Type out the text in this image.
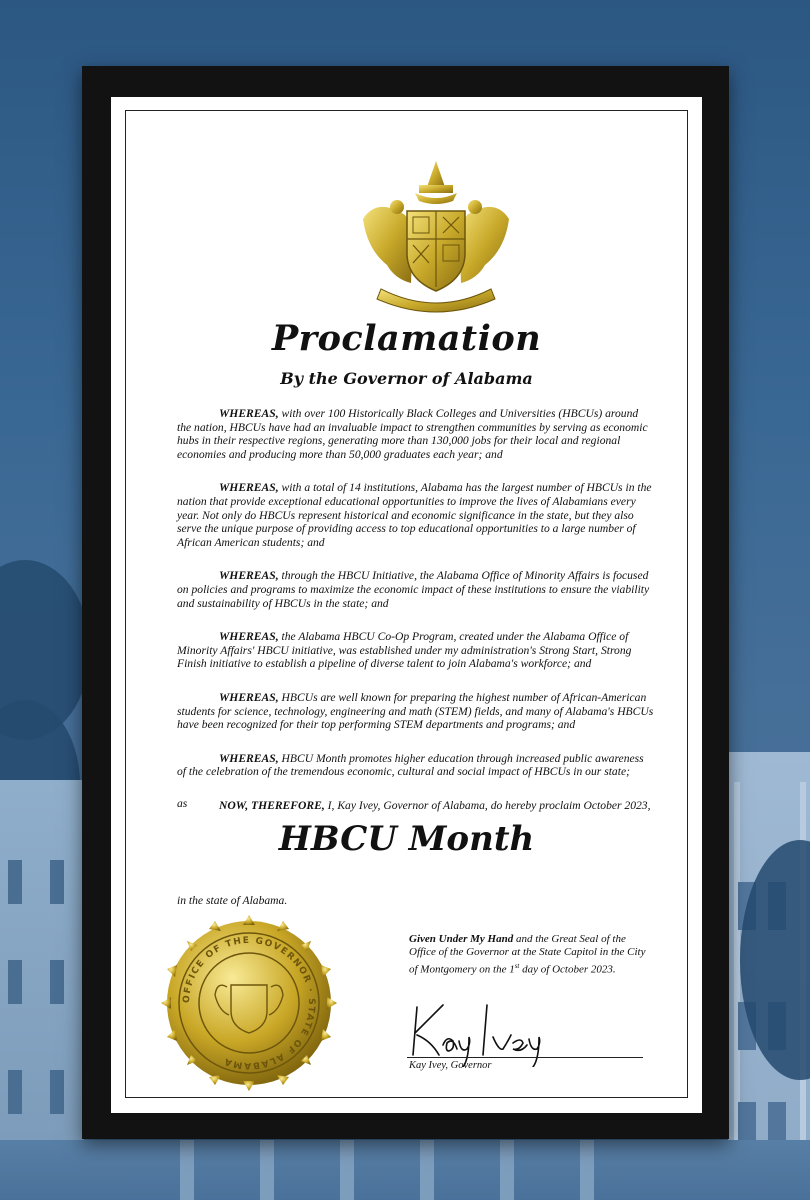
Proclamation
By the Governor of Alabama

WHEREAS, with over 100 Historically Black Colleges and Universities (HBCUs) around the nation, HBCUs have had an invaluable impact to strengthen communities by serving as economic hubs in their respective regions, generating more than 130,000 jobs for their local and regional economies and producing more than 50,000 graduates each year; and

WHEREAS, with a total of 14 institutions, Alabama has the largest number of HBCUs in the nation that provide exceptional educational opportunities to improve the lives of Alabamians every year. Not only do HBCUs represent historical and economic significance in the state, but they also serve the unique purpose of providing access to top educational opportunities to a large number of African American students; and

WHEREAS, through the HBCU Initiative, the Alabama Office of Minority Affairs is focused on policies and programs to maximize the economic impact of these institutions to ensure the viability and sustainability of HBCUs in the state; and

WHEREAS, the Alabama HBCU Co-Op Program, created under the Alabama Office of Minority Affairs' HBCU initiative, was established under my administration's Strong Start, Strong Finish initiative to establish a pipeline of diverse talent to join Alabama's workforce; and

WHEREAS, HBCUs are well known for preparing the highest number of African-American students for science, technology, engineering and math (STEM) fields, and many of Alabama's HBCUs have been recognized for their top performing STEM departments and programs; and

WHEREAS, HBCU Month promotes higher education through increased public awareness of the celebration of the tremendous economic, cultural and social impact of HBCUs in our state;

NOW, THEREFORE, I, Kay Ivey, Governor of Alabama, do hereby proclaim October 2023,

as
HBCU Month
in the state of Alabama.
OFFICE OF THE GOVERNOR · STATE OF ALABAMA
Given Under My Hand and the Great Seal of the Office of the Governor at the State Capitol in the City of Montgomery on the 1st day of October 2023.
Kay Ivey
Kay Ivey, Governor
